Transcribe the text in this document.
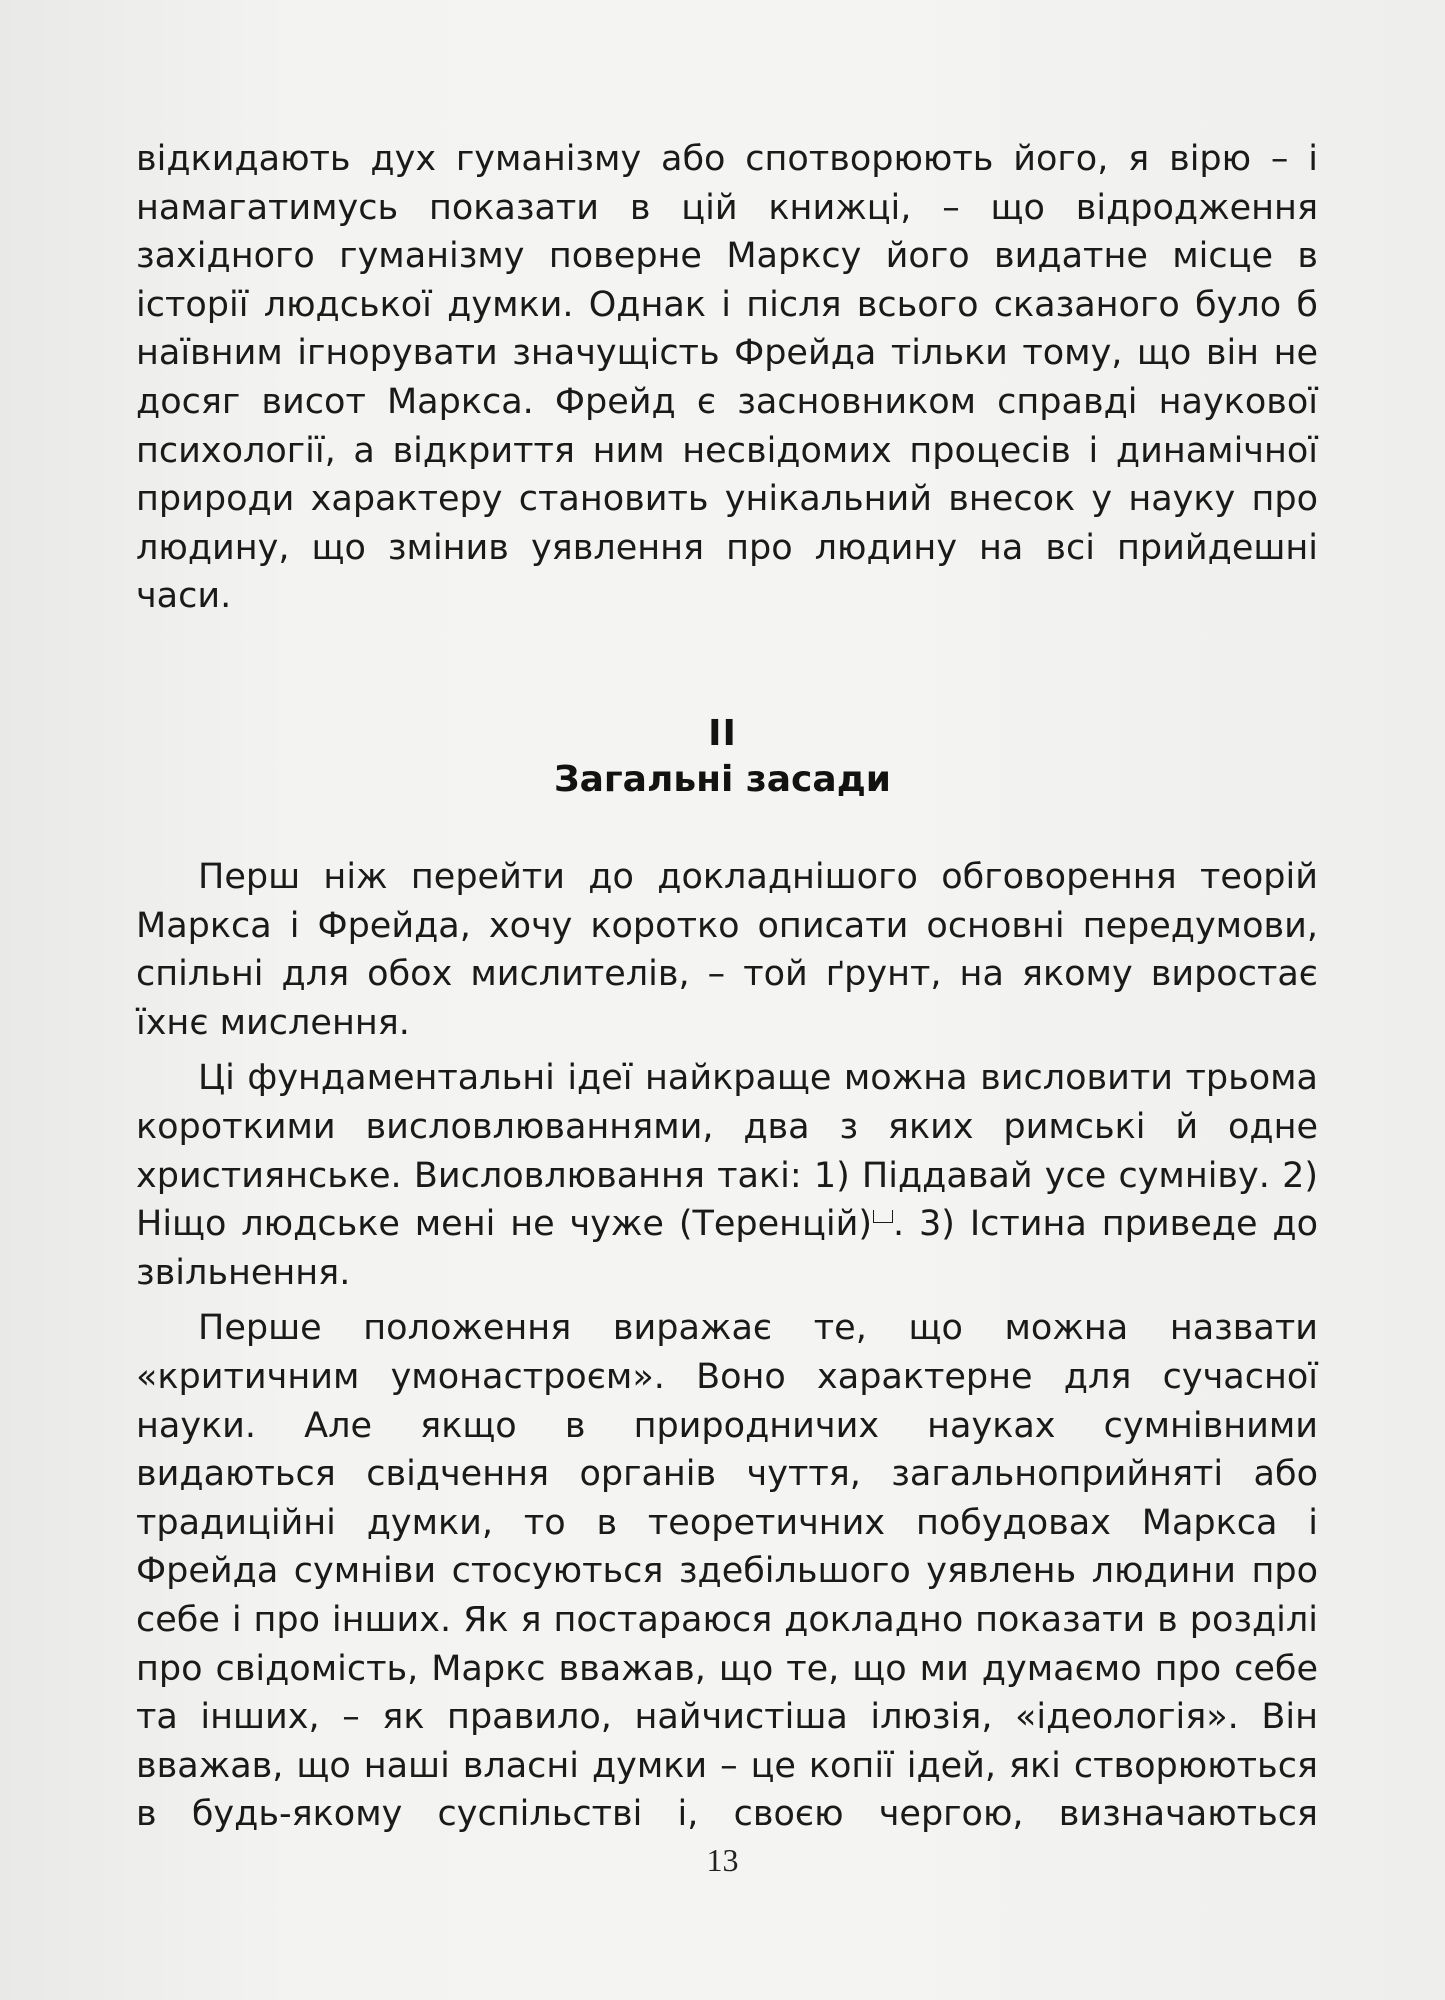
відкидають дух гуманізму або спотворюють його, я вірю – і
намагатимусь показати в цій книжці, – що відродження
західного гуманізму поверне Марксу його видатне місце в
історії людської думки. Однак і після всього сказаного було б
наївним ігнорувати значущість Фрейда тільки тому, що він не
досяг висот Маркса. Фрейд є засновником справді наукової
психології, а відкриття ним несвідомих процесів і динамічної
природи характеру становить унікальний внесок у науку про
людину, що змінив уявлення про людину на всі прийдешні
часи.
II
Загальні засади
Перш ніж перейти до докладнішого обговорення теорій
Маркса і Фрейда, хочу коротко описати основні передумови,
спільні для обох мислителів, – той ґрунт, на якому виростає
їхнє мислення.
Ці фундаментальні ідеї найкраще можна висловити трьома
короткими висловлюваннями, два з яких римські й одне
християнське. Висловлювання такі: 1) Піддавай усе сумніву. 2)
Ніщо людське мені не чуже (Теренцій) . 3) Істина приведе до
звільнення.
Перше положення виражає те, що можна назвати
«критичним умонастроєм». Воно характерне для сучасної
науки. Але якщо в природничих науках сумнівними
видаються свідчення органів чуття, загальноприйняті або
традиційні думки, то в теоретичних побудовах Маркса і
Фрейда сумніви стосуються здебільшого уявлень людини про
себе і про інших. Як я постараюся докладно показати в розділі
про свідомість, Маркс вважав, що те, що ми думаємо про себе
та інших, – як правило, найчистіша ілюзія, «ідеологія». Він
вважав, що наші власні думки – це копії ідей, які створюються
в будь-якому суспільстві і, своєю чергою, визначаються
13
